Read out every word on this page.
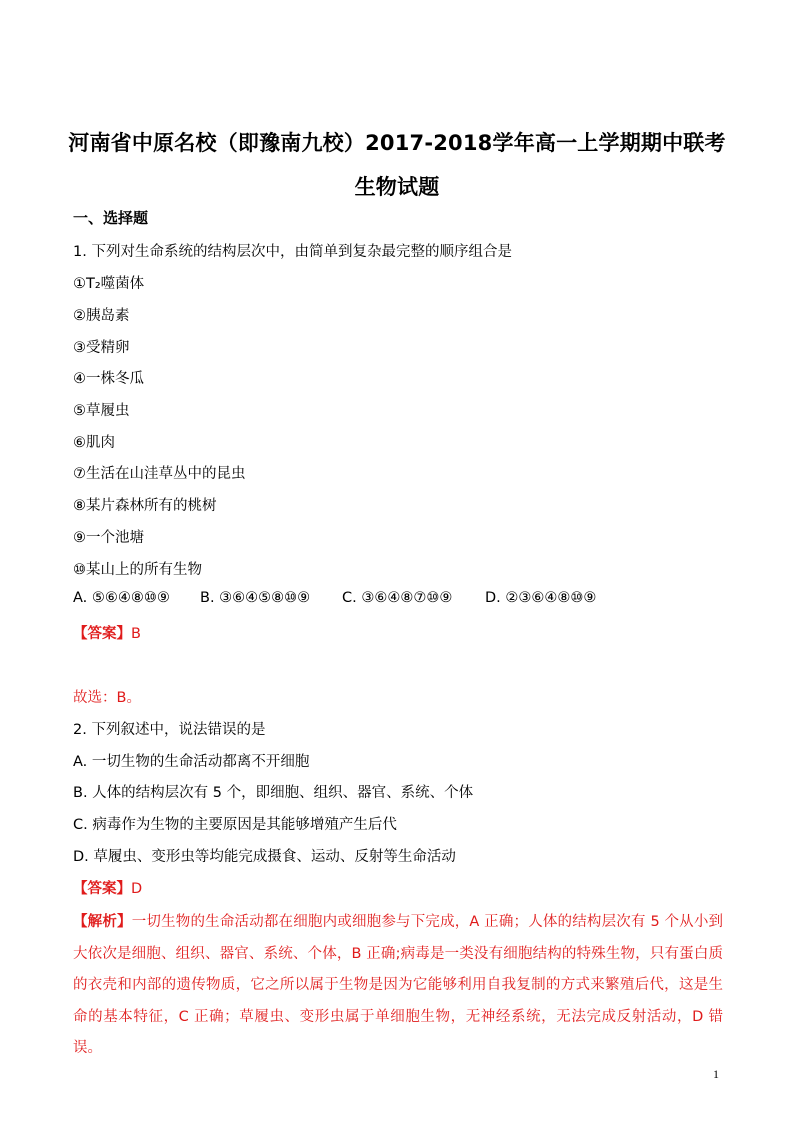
河南省中原名校（即豫南九校）2017-2018学年高一上学期期中联考
生物试题
一、选择题
1. 下列对生命系统的结构层次中，由简单到复杂最完整的顺序组合是
①T₂噬菌体
②胰岛素
③受精卵
④一株冬瓜
⑤草履虫
⑥肌肉
⑦生活在山洼草丛中的昆虫
⑧某片森林所有的桃树
⑨一个池塘
⑩某山上的所有生物
A. ⑤⑥④⑧⑩⑨ B. ③⑥④⑤⑧⑩⑨ C. ③⑥④⑧⑦⑩⑨ D. ②③⑥④⑧⑩⑨
【答案】B
故选：B。
2. 下列叙述中，说法错误的是
A. 一切生物的生命活动都离不开细胞
B. 人体的结构层次有 5 个，即细胞、组织、器官、系统、个体
C. 病毒作为生物的主要原因是其能够增殖产生后代
D. 草履虫、变形虫等均能完成摄食、运动、反射等生命活动
【答案】D
【解析】一切生物的生命活动都在细胞内或细胞参与下完成，A 正确；人体的结构层次有 5 个从小到大依次是细胞、组织、器官、系统、个体，B 正确;病毒是一类没有细胞结构的特殊生物，只有蛋白质的衣壳和内部的遗传物质，它之所以属于生物是因为它能够利用自我复制的方式来繁殖后代，这是生命的基本特征，C 正确；草履虫、变形虫属于单细胞生物，无神经系统，无法完成反射活动，D 错误。
1
